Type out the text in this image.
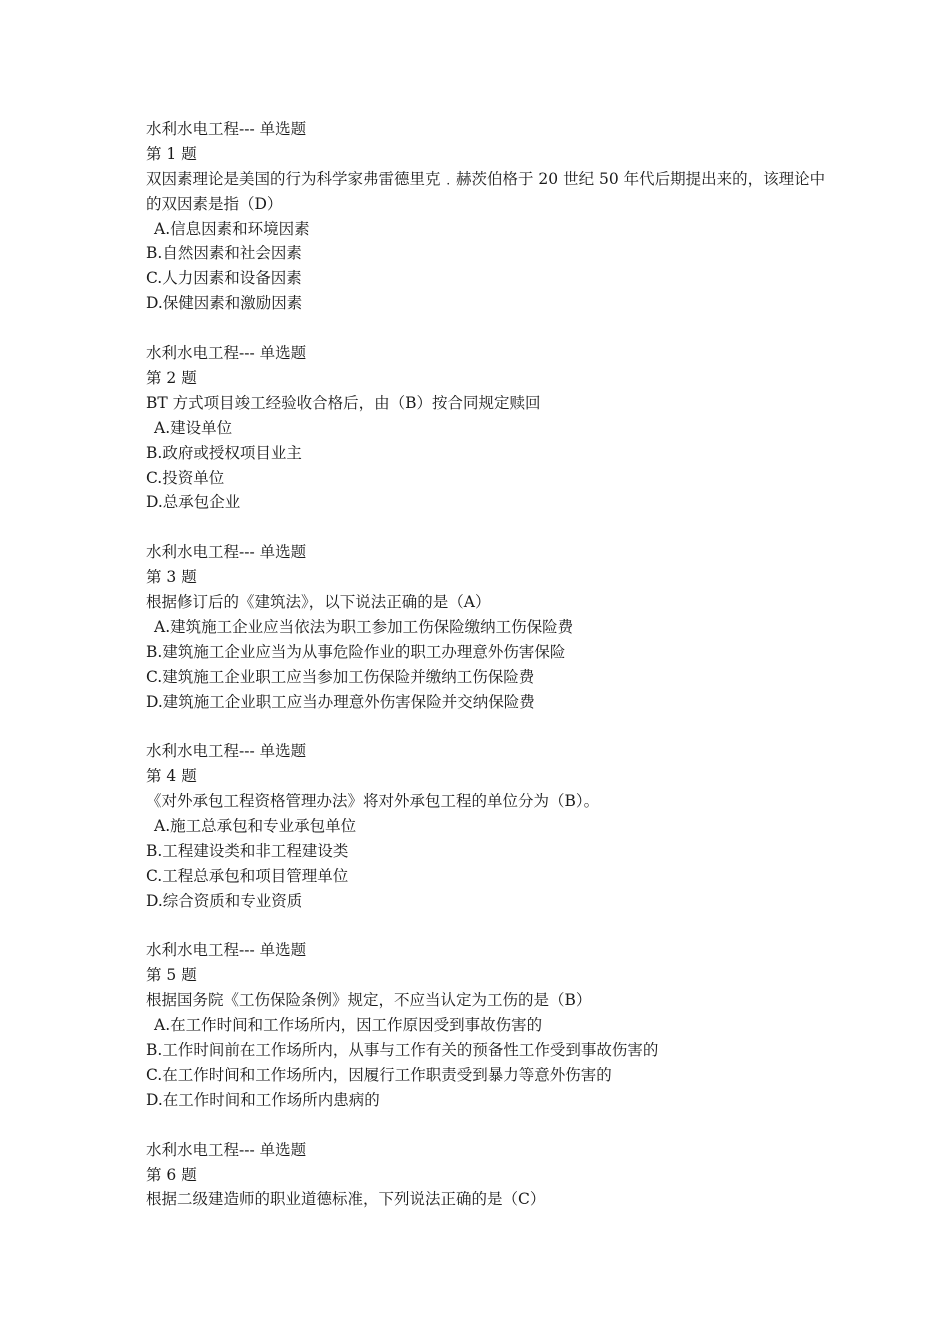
水利水电工程--- 单选题
第 1 题
双因素理论是美国的行为科学家弗雷德里克﹒赫茨伯格于 20 世纪 50 年代后期提出来的，该理论中的双因素是指（D）
A.信息因素和环境因素
B.自然因素和社会因素
C.人力因素和设备因素
D.保健因素和激励因素
水利水电工程--- 单选题
第 2 题
BT 方式项目竣工经验收合格后，由（B）按合同规定赎回
A.建设单位
B.政府或授权项目业主
C.投资单位
D.总承包企业
水利水电工程--- 单选题
第 3 题
根据修订后的《建筑法》，以下说法正确的是（A）
A.建筑施工企业应当依法为职工参加工伤保险缴纳工伤保险费
B.建筑施工企业应当为从事危险作业的职工办理意外伤害保险
C.建筑施工企业职工应当参加工伤保险并缴纳工伤保险费
D.建筑施工企业职工应当办理意外伤害保险并交纳保险费
水利水电工程--- 单选题
第 4 题
《对外承包工程资格管理办法》将对外承包工程的单位分为（B）。
A.施工总承包和专业承包单位
B.工程建设类和非工程建设类
C.工程总承包和项目管理单位
D.综合资质和专业资质
水利水电工程--- 单选题
第 5 题
根据国务院《工伤保险条例》规定，不应当认定为工伤的是（B）
A.在工作时间和工作场所内，因工作原因受到事故伤害的
B.工作时间前在工作场所内，从事与工作有关的预备性工作受到事故伤害的
C.在工作时间和工作场所内，因履行工作职责受到暴力等意外伤害的
D.在工作时间和工作场所内患病的
水利水电工程--- 单选题
第 6 题
根据二级建造师的职业道德标准，下列说法正确的是（C）
